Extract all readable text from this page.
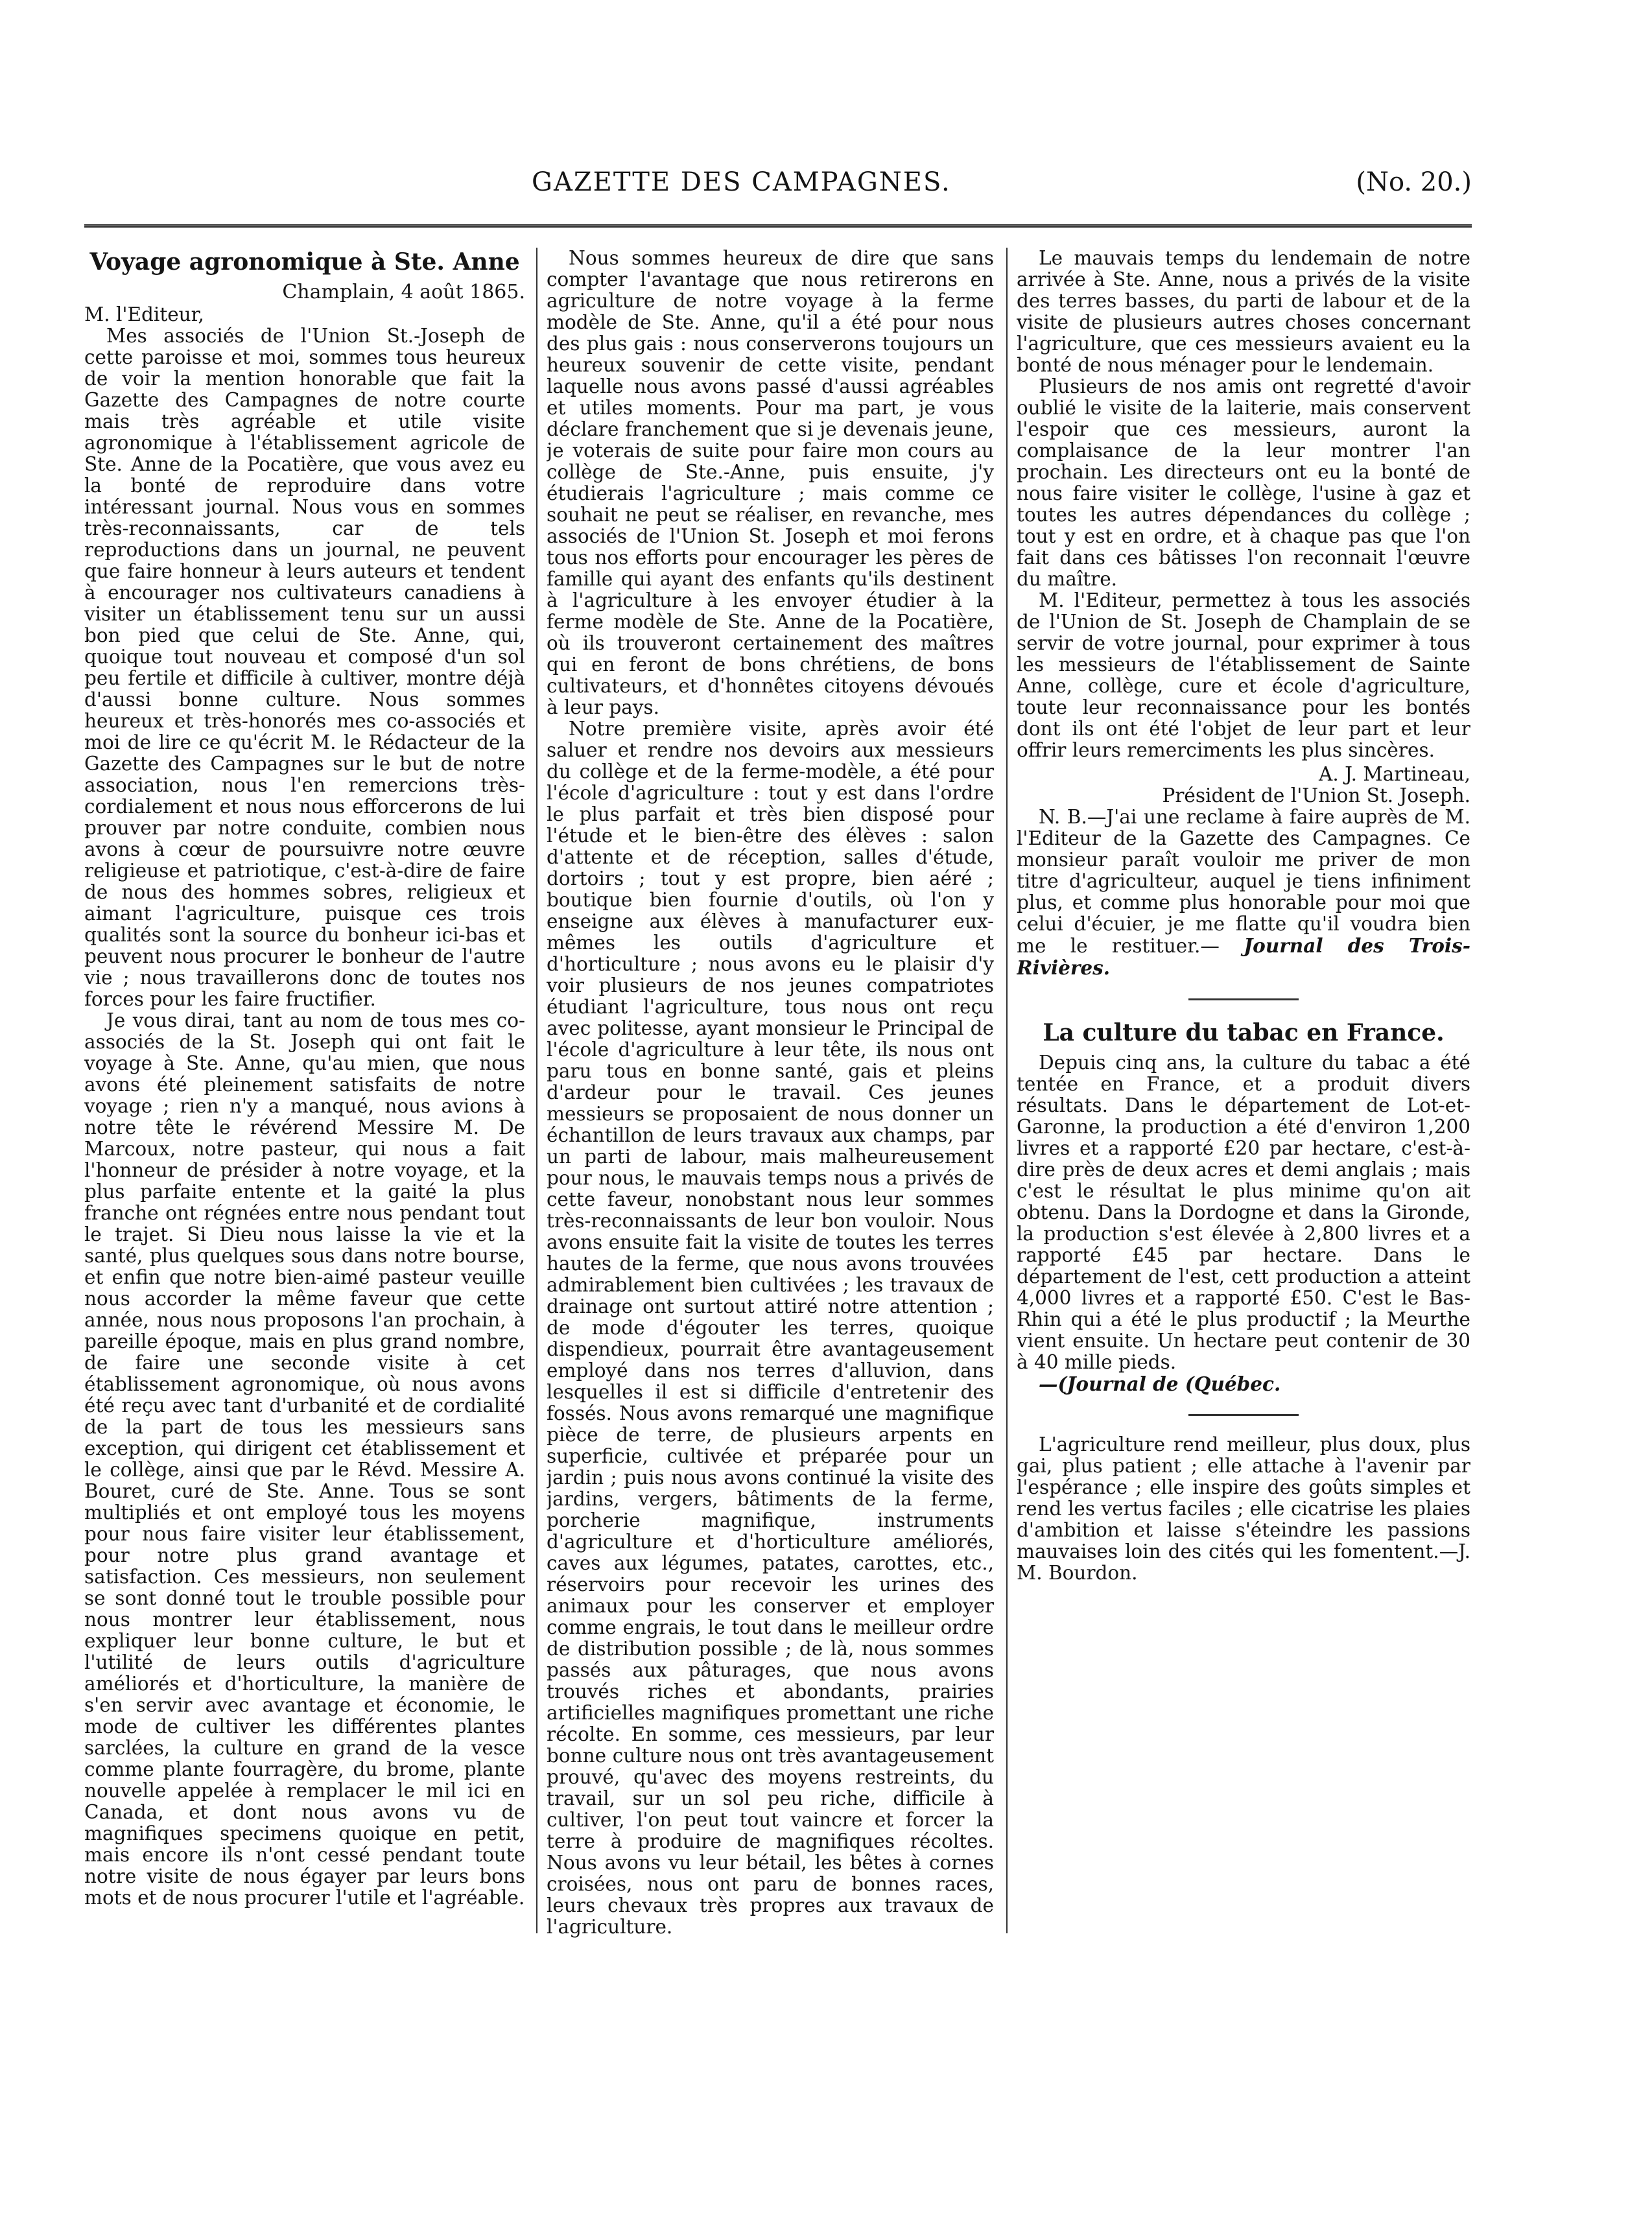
GAZETTE DES CAMPAGNES.	(No. 20.)
Voyage agronomique à Ste. Anne
Champlain, 4 août 1865.
M. l'Editeur,

Mes associés de l'Union St.-Joseph de cette paroisse et moi, sommes tous heureux de voir la mention honorable que fait la Gazette des Campagnes de notre courte mais très agréable et utile visite agronomique à l'établissement agricole de Ste. Anne de la Pocatière, que vous avez eu la bonté de reproduire dans votre intéressant journal. Nous vous en sommes très-reconnaissants, car de tels reproductions dans un journal, ne peuvent que faire honneur à leurs auteurs et tendent à encourager nos cultivateurs canadiens à visiter un établissement tenu sur un aussi bon pied que celui de Ste. Anne, qui, quoique tout nouveau et composé d'un sol peu fertile et difficile à cultiver, montre déjà d'aussi bonne culture. Nous sommes heureux et très-honorés mes co-associés et moi de lire ce qu'écrit M. le Rédacteur de la Gazette des Campagnes sur le but de notre association, nous l'en remercions très-cordialement et nous nous efforcerons de lui prouver par notre conduite, combien nous avons à cœur de poursuivre notre œuvre religieuse et patriotique, c'est-à-dire de faire de nous des hommes sobres, religieux et aimant l'agriculture, puisque ces trois qualités sont la source du bonheur ici-bas et peuvent nous procurer le bonheur de l'autre vie ; nous travaillerons donc de toutes nos forces pour les faire fructifier.

Je vous dirai, tant au nom de tous mes co-associés de la St. Joseph qui ont fait le voyage à Ste. Anne, qu'au mien, que nous avons été pleinement satisfaits de notre voyage ; rien n'y a manqué, nous avions à notre tête le révérend Messire M. De Marcoux, notre pasteur, qui nous a fait l'honneur de présider à notre voyage, et la plus parfaite entente et la gaité la plus franche ont régnées entre nous pendant tout le trajet. Si Dieu nous laisse la vie et la santé, plus quelques sous dans notre bourse, et enfin que notre bien-aimé pasteur veuille nous accorder la même faveur que cette année, nous nous proposons l'an prochain, à pareille époque, mais en plus grand nombre, de faire une seconde visite à cet établissement agronomique, où nous avons été reçu avec tant d'urbanité et de cordialité de la part de tous les messieurs sans exception, qui dirigent cet établissement et le collège, ainsi que par le Révd. Messire A. Bouret, curé de Ste. Anne. Tous se sont multipliés et ont employé tous les moyens pour nous faire visiter leur établissement, pour notre plus grand avantage et satisfaction. Ces messieurs, non seulement se sont donné tout le trouble possible pour nous montrer leur établissement, nous expliquer leur bonne culture, le but et l'utilité de leurs outils d'agriculture améliorés et d'horticulture, la manière de s'en servir avec avantage et économie, le mode de cultiver les différentes plantes sarclées, la culture en grand de la vesce comme plante fourragère, du brome, plante nouvelle appelée à remplacer le mil ici en Canada, et dont nous avons vu de magnifiques specimens quoique en petit, mais encore ils n'ont cessé pendant toute notre visite de nous égayer par leurs bons mots et de nous procurer l'utile et l'agréable.

Nous sommes heureux de dire que sans compter l'avantage que nous retirerons en agriculture de notre voyage à la ferme modèle de Ste. Anne, qu'il a été pour nous des plus gais : nous conserverons toujours un heureux souvenir de cette visite, pendant laquelle nous avons passé d'aussi agréables et utiles moments. Pour ma part, je vous déclare franchement que si je devenais jeune, je voterais de suite pour faire mon cours au collège de Ste.-Anne, puis ensuite, j'y étudierais l'agriculture ; mais comme ce souhait ne peut se réaliser, en revanche, mes associés de l'Union St. Joseph et moi ferons tous nos efforts pour encourager les pères de famille qui ayant des enfants qu'ils destinent à l'agriculture à les envoyer étudier à la ferme modèle de Ste. Anne de la Pocatière, où ils trouveront certainement des maîtres qui en feront de bons chrétiens, de bons cultivateurs, et d'honnêtes citoyens dévoués à leur pays.

Notre première visite, après avoir été saluer et rendre nos devoirs aux messieurs du collège et de la ferme-modèle, a été pour l'école d'agriculture : tout y est dans l'ordre le plus parfait et très bien disposé pour l'étude et le bien-être des élèves : salon d'attente et de réception, salles d'étude, dortoirs ; tout y est propre, bien aéré ; boutique bien fournie d'outils, où l'on y enseigne aux élèves à manufacturer eux-mêmes les outils d'agriculture et d'horticulture ; nous avons eu le plaisir d'y voir plusieurs de nos jeunes compatriotes étudiant l'agriculture, tous nous ont reçu avec politesse, ayant monsieur le Principal de l'école d'agriculture à leur tête, ils nous ont paru tous en bonne santé, gais et pleins d'ardeur pour le travail. Ces jeunes messieurs se proposaient de nous donner un échantillon de leurs travaux aux champs, par un parti de labour, mais malheureusement pour nous, le mauvais temps nous a privés de cette faveur, nonobstant nous leur sommes très-reconnaissants de leur bon vouloir. Nous avons ensuite fait la visite de toutes les terres hautes de la ferme, que nous avons trouvées admirablement bien cultivées ; les travaux de drainage ont surtout attiré notre attention ; de mode d'égouter les terres, quoique dispendieux, pourrait être avantageusement employé dans nos terres d'alluvion, dans lesquelles il est si difficile d'entretenir des fossés. Nous avons remarqué une magnifique pièce de terre, de plusieurs arpents en superficie, cultivée et préparée pour un jardin ; puis nous avons continué la visite des jardins, vergers, bâtiments de la ferme, porcherie magnifique, instruments d'agriculture et d'horticulture améliorés, caves aux légumes, patates, carottes, etc., réservoirs pour recevoir les urines des animaux pour les conserver et employer comme engrais, le tout dans le meilleur ordre de distribution possible ; de là, nous sommes passés aux pâturages, que nous avons trouvés riches et abondants, prairies artificielles magnifiques promettant une riche récolte. En somme, ces messieurs, par leur bonne culture nous ont très avantageusement prouvé, qu'avec des moyens restreints, du travail, sur un sol peu riche, difficile à cultiver, l'on peut tout vaincre et forcer la terre à produire de magnifiques récoltes. Nous avons vu leur bétail, les bêtes à cornes croisées, nous ont paru de bonnes races, leurs chevaux très propres aux travaux de l'agriculture.

Le mauvais temps du lendemain de notre arrivée à Ste. Anne, nous a privés de la visite des terres basses, du parti de labour et de la visite de plusieurs autres choses concernant l'agriculture, que ces messieurs avaient eu la bonté de nous ménager pour le lendemain.

Plusieurs de nos amis ont regretté d'avoir oublié le visite de la laiterie, mais conservent l'espoir que ces messieurs, auront la complaisance de la leur montrer l'an prochain. Les directeurs ont eu la bonté de nous faire visiter le collège, l'usine à gaz et toutes les autres dépendances du collège ; tout y est en ordre, et à chaque pas que l'on fait dans ces bâtisses l'on reconnait l'œuvre du maître.

M. l'Editeur, permettez à tous les associés de l'Union de St. Joseph de Champlain de se servir de votre journal, pour exprimer à tous les messieurs de l'établissement de Sainte Anne, collège, cure et école d'agriculture, toute leur reconnaissance pour les bontés dont ils ont été l'objet de leur part et leur offrir leurs remerciments les plus sincères.

A. J. Martineau,
Président de l'Union St. Joseph.

N. B.—J'ai une reclame à faire auprès de M. l'Editeur de la Gazette des Campagnes. Ce monsieur paraît vouloir me priver de mon titre d'agriculteur, auquel je tiens infiniment plus, et comme plus honorable pour moi que celui d'écuier, je me flatte qu'il voudra bien me le restituer.— Journal des Trois-Rivières.

La culture du tabac en France.

Depuis cinq ans, la culture du tabac a été tentée en France, et a produit divers résultats. Dans le département de Lot-et-Garonne, la production a été d'environ 1,200 livres et a rapporté £20 par hectare, c'est-à-dire près de deux acres et demi anglais ; mais c'est le résultat le plus minime qu'on ait obtenu. Dans la Dordogne et dans la Gironde, la production s'est élevée à 2,800 livres et a rapporté £45 par hectare. Dans le département de l'est, cett production a atteint 4,000 livres et a rapporté £50. C'est le Bas-Rhin qui a été le plus productif ; la Meurthe vient ensuite. Un hectare peut contenir de 30 à 40 mille pieds.

—(Journal de (Québec.

L'agriculture rend meilleur, plus doux, plus gai, plus patient ; elle attache à l'avenir par l'espérance ; elle inspire des goûts simples et rend les vertus faciles ; elle cicatrise les plaies d'ambition et laisse s'éteindre les passions mauvaises loin des cités qui les fomentent.—J. M. Bourdon.
